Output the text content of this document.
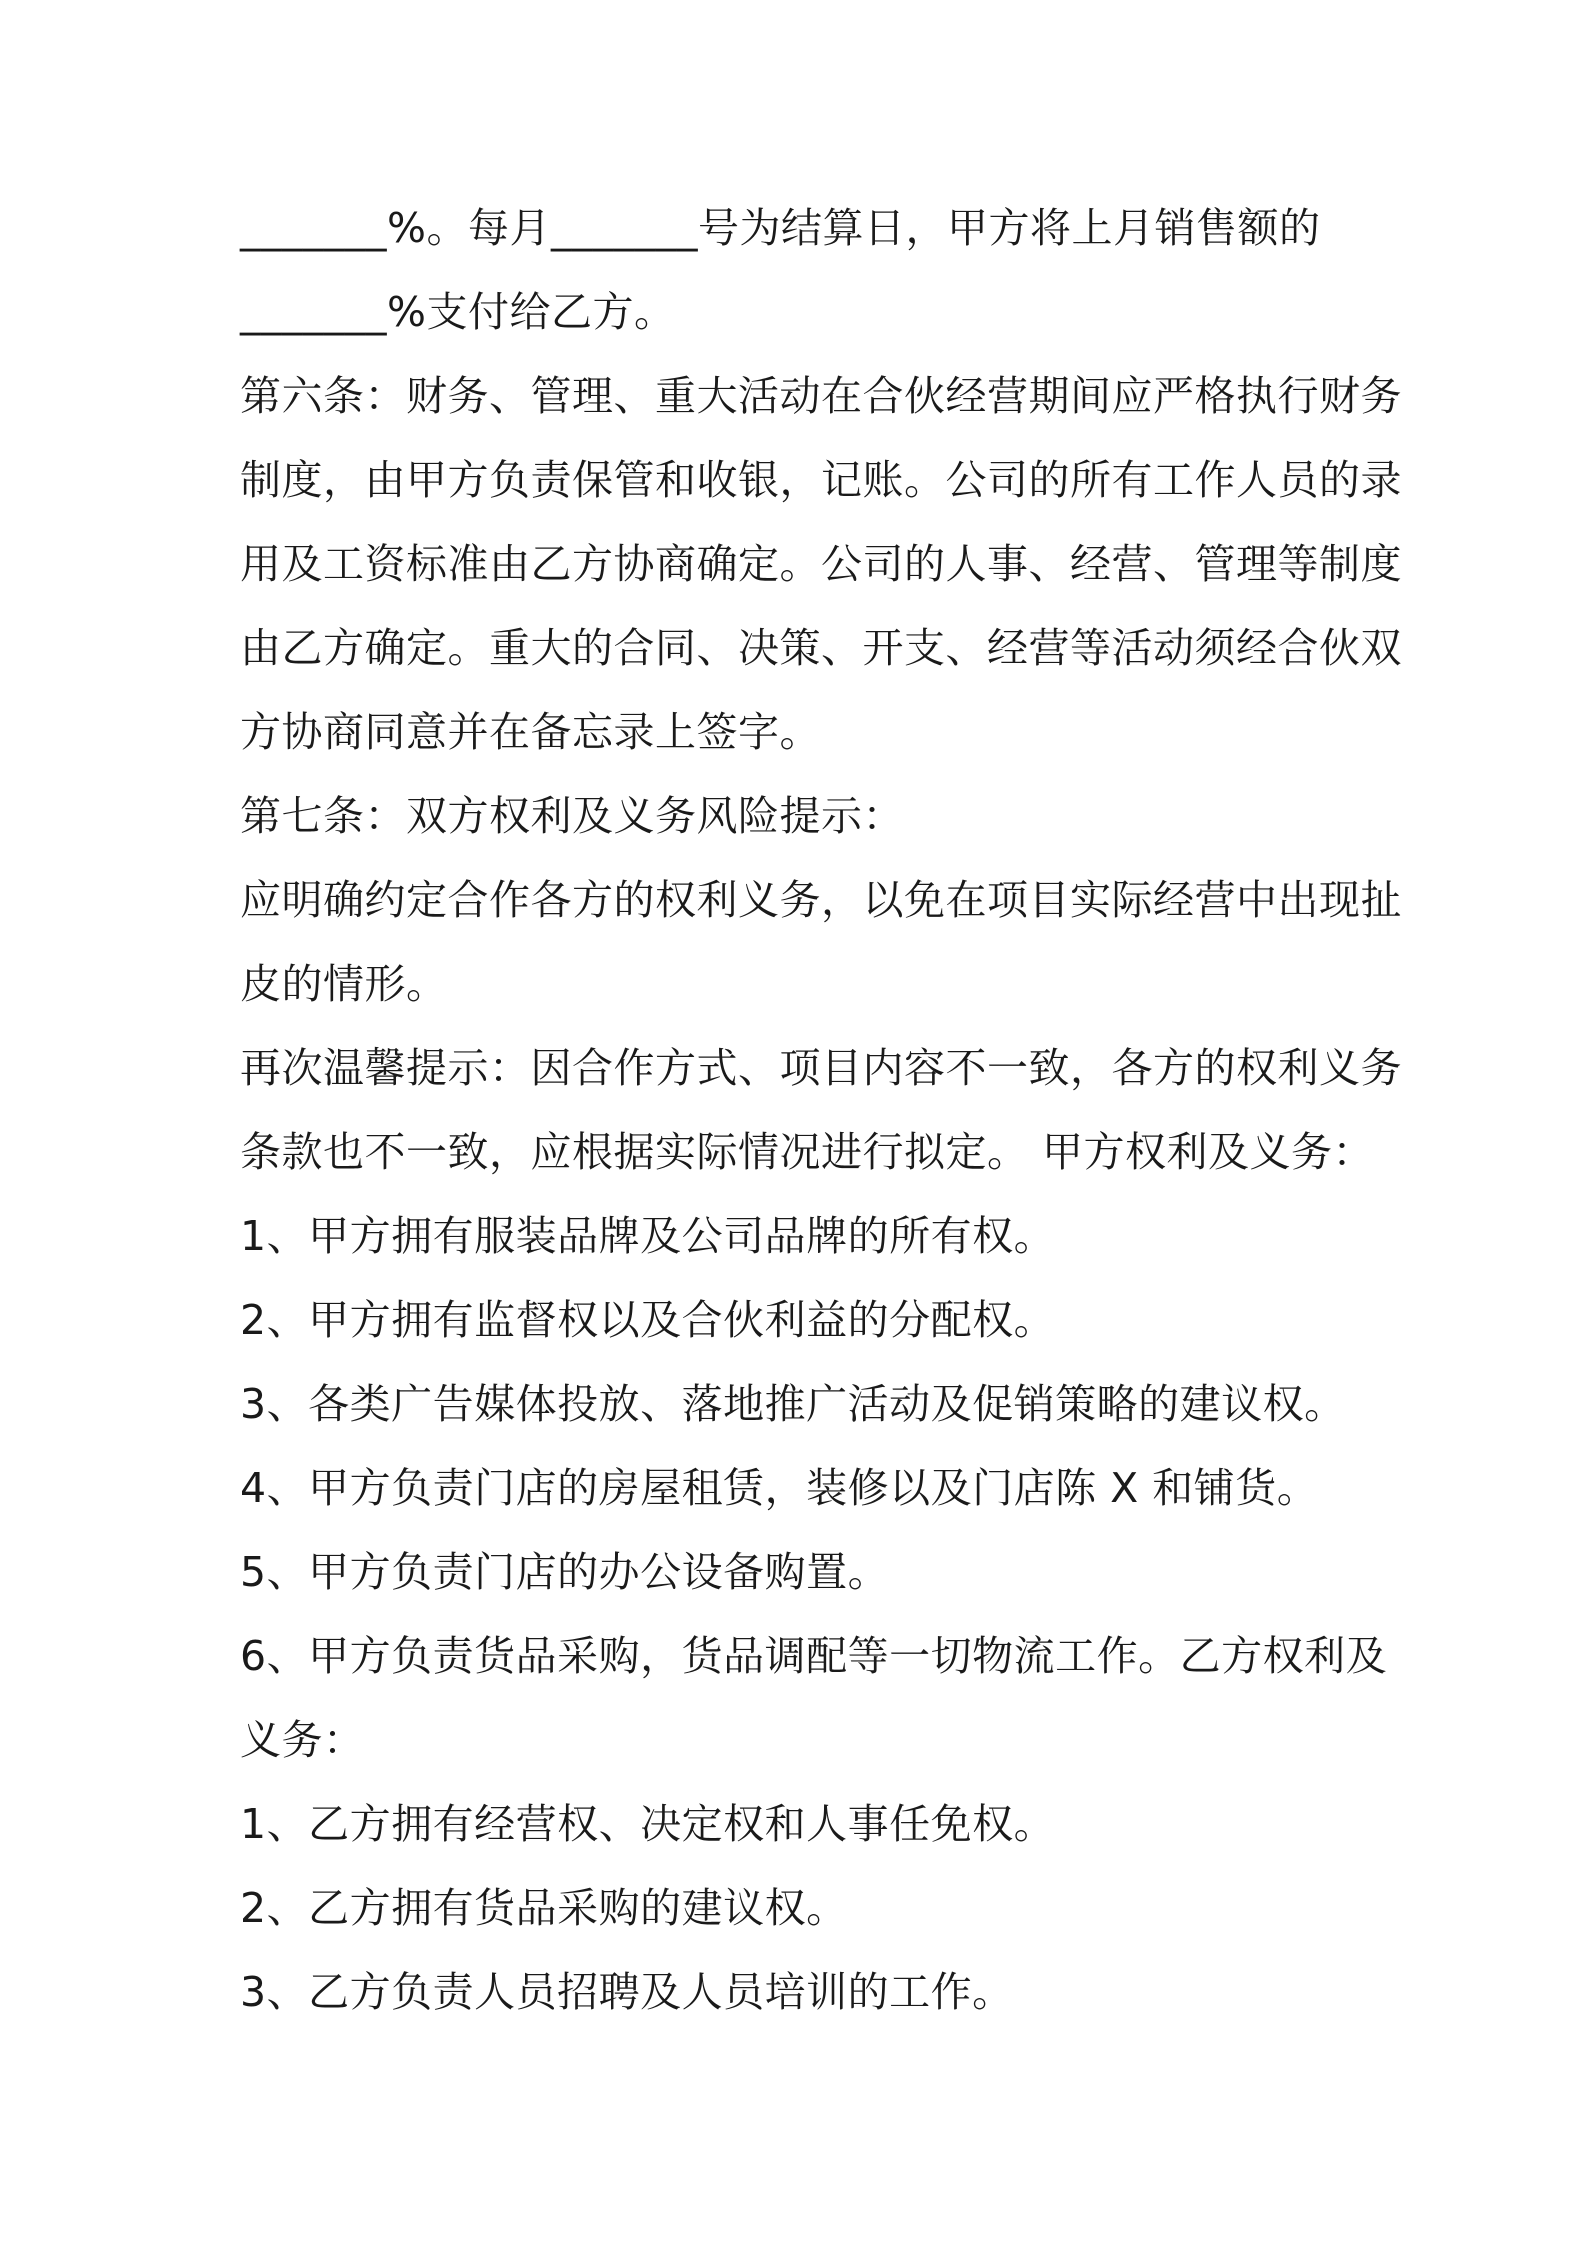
_______%。每月_______号为结算日，甲方将上月销售额的
_______%支付给乙方。
第六条：财务、管理、重大活动在合伙经营期间应严格执行财务
制度，由甲方负责保管和收银，记账。公司的所有工作人员的录
用及工资标准由乙方协商确定。公司的人事、经营、管理等制度
由乙方确定。重大的合同、决策、开支、经营等活动须经合伙双
方协商同意并在备忘录上签字。
第七条：双方权利及义务风险提示：
应明确约定合作各方的权利义务，以免在项目实际经营中出现扯
皮的情形。
再次温馨提示：因合作方式、项目内容不一致，各方的权利义务
条款也不一致，应根据实际情况进行拟定。 甲方权利及义务：
1、甲方拥有服装品牌及公司品牌的所有权。
2、甲方拥有监督权以及合伙利益的分配权。
3、各类广告媒体投放、落地推广活动及促销策略的建议权。
4、甲方负责门店的房屋租赁，装修以及门店陈 X 和铺货。
5、甲方负责门店的办公设备购置。
6、甲方负责货品采购，货品调配等一切物流工作。乙方权利及
义务：
1、乙方拥有经营权、决定权和人事任免权。
2、乙方拥有货品采购的建议权。
3、乙方负责人员招聘及人员培训的工作。
